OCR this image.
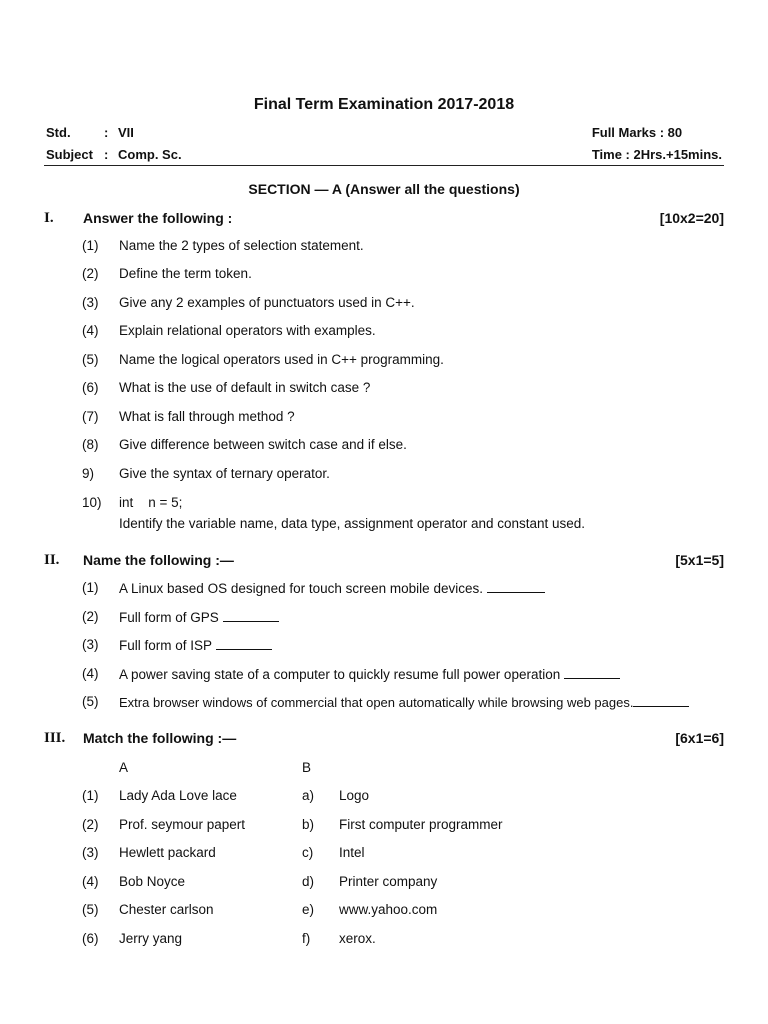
Final Term Examination 2017-2018
Std.	: VII
Subject : Comp. Sc.
Full Marks : 80
Time : 2Hrs.+15mins.
SECTION — A (Answer all the questions)
I.	Answer the following :	[10x2=20]
(1)	Name the 2 types of selection statement.
(2)	Define the term token.
(3)	Give any 2 examples of punctuators used in C++.
(4)	Explain relational operators with examples.
(5)	Name the logical operators used in C++ programming.
(6)	What is the use of default in switch case ?
(7)	What is fall through method ?
(8)	Give difference between switch case and if else.
9)	Give the syntax of ternary operator.
10)	int    n = 5;
Identify the variable name, data type, assignment operator and constant used.
II.	Name the following :—	[5x1=5]
(1)	A Linux based OS designed for touch screen mobile devices.
(2)	Full form of GPS
(3)	Full form of ISP
(4)	A power saving state of a computer to quickly resume full power operation
(5)	Extra browser windows of commercial that open automatically while browsing web pages.
III.	Match the following :—	[6x1=6]
A	B
(1)	Lady Ada Love lace	a)	Logo
(2)	Prof. seymour papert	b)	First computer programmer
(3)	Hewlett packard	c)	Intel
(4)	Bob Noyce	d)	Printer company
(5)	Chester carlson	e)	www.yahoo.com
(6)	Jerry yang	f)	xerox.
